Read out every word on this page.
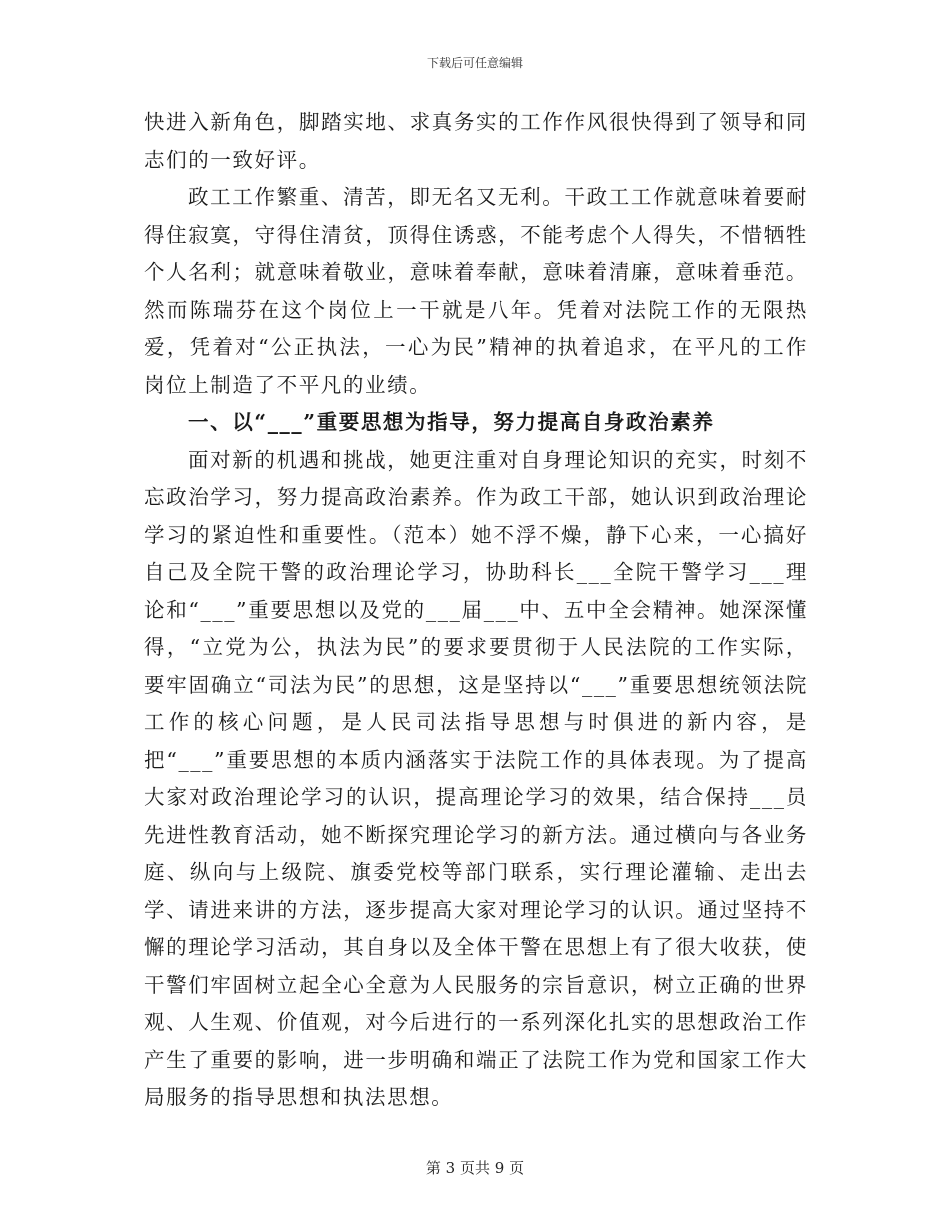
下载后可任意编辑

快进入新角色，脚踏实地、求真务实的工作作风很快得到了领导和同志们的一致好评。

政工工作繁重、清苦，即无名又无利。干政工工作就意味着要耐得住寂寞，守得住清贫，顶得住诱惑，不能考虑个人得失，不惜牺牲个人名利；就意味着敬业，意味着奉献，意味着清廉，意味着垂范。然而陈瑞芬在这个岗位上一干就是八年。凭着对法院工作的无限热爱，凭着对“公正执法，一心为民”精神的执着追求，在平凡的工作岗位上制造了不平凡的业绩。

一、以“___”重要思想为指导，努力提高自身政治素养

面对新的机遇和挑战，她更注重对自身理论知识的充实，时刻不忘政治学习，努力提高政治素养。作为政工干部，她认识到政治理论学习的紧迫性和重要性。（范本）她不浮不燥，静下心来，一心搞好自己及全院干警的政治理论学习，协助科长___全院干警学习___理论和“___”重要思想以及党的___届___中、五中全会精神。她深深懂得，“立党为公，执法为民”的要求要贯彻于人民法院的工作实际，要牢固确立“司法为民”的思想，这是坚持以“___”重要思想统领法院工作的核心问题，是人民司法指导思想与时俱进的新内容，是把“___”重要思想的本质内涵落实于法院工作的具体表现。为了提高大家对政治理论学习的认识，提高理论学习的效果，结合保持___员先进性教育活动，她不断探究理论学习的新方法。通过横向与各业务庭、纵向与上级院、旗委党校等部门联系，实行理论灌输、走出去学、请进来讲的方法，逐步提高大家对理论学习的认识。通过坚持不懈的理论学习活动，其自身以及全体干警在思想上有了很大收获，使干警们牢固树立起全心全意为人民服务的宗旨意识，树立正确的世界观、人生观、价值观，对今后进行的一系列深化扎实的思想政治工作产生了重要的影响，进一步明确和端正了法院工作为党和国家工作大局服务的指导思想和执法思想。

第 3 页共 9 页
